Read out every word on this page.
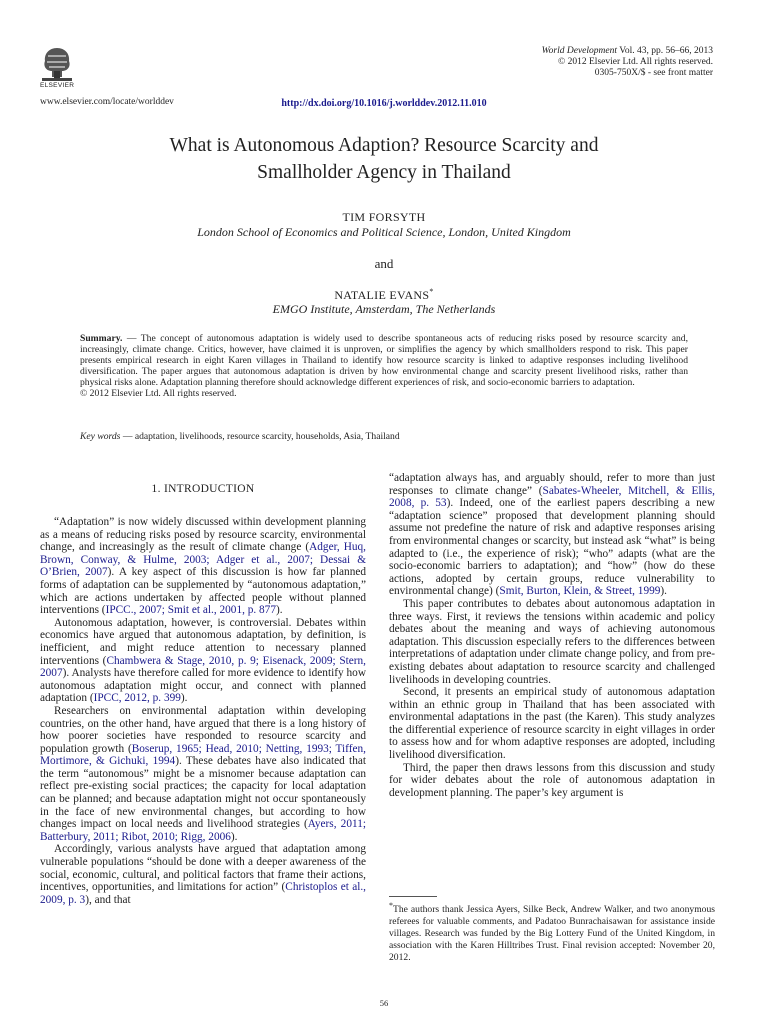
ELSEVIER
www.elsevier.com/locate/worlddev
World Development Vol. 43, pp. 56–66, 2013
© 2012 Elsevier Ltd. All rights reserved.
0305-750X/$ - see front matter
http://dx.doi.org/10.1016/j.worlddev.2012.11.010
What is Autonomous Adaption? Resource Scarcity and
Smallholder Agency in Thailand
TIM FORSYTH
London School of Economics and Political Science, London, United Kingdom
and
NATALIE EVANS*
EMGO Institute, Amsterdam, The Netherlands
Summary. — The concept of autonomous adaptation is widely used to describe spontaneous acts of reducing risks posed by resource scarcity and, increasingly, climate change. Critics, however, have claimed it is unproven, or simplifies the agency by which smallholders respond to risk. This paper presents empirical research in eight Karen villages in Thailand to identify how resource scarcity is linked to adaptive responses including livelihood diversification. The paper argues that autonomous adaptation is driven by how environmental change and scarcity present livelihood risks, rather than physical risks alone. Adaptation planning therefore should acknowledge different experiences of risk, and socio-economic barriers to adaptation.
© 2012 Elsevier Ltd. All rights reserved.
Key words — adaptation, livelihoods, resource scarcity, households, Asia, Thailand
1. INTRODUCTION

“Adaptation” is now widely discussed within development planning as a means of reducing risks posed by resource scarcity, environmental change, and increasingly as the result of climate change (Adger, Huq, Brown, Conway, & Hulme, 2003; Adger et al., 2007; Dessai & O’Brien, 2007). A key aspect of this discussion is how far planned forms of adaptation can be supplemented by “autonomous adaptation,” which are actions undertaken by affected people without planned interventions (IPCC., 2007; Smit et al., 2001, p. 877).

Autonomous adaptation, however, is controversial. Debates within economics have argued that autonomous adaptation, by definition, is inefficient, and might reduce attention to necessary planned interventions (Chambwera & Stage, 2010, p. 9; Eisenack, 2009; Stern, 2007). Analysts have therefore called for more evidence to identify how autonomous adaptation might occur, and connect with planned adaptation (IPCC, 2012, p. 399).

Researchers on environmental adaptation within developing countries, on the other hand, have argued that there is a long history of how poorer societies have responded to resource scarcity and population growth (Boserup, 1965; Head, 2010; Netting, 1993; Tiffen, Mortimore, & Gichuki, 1994). These debates have also indicated that the term “autonomous” might be a misnomer because adaptation can reflect pre-existing social practices; the capacity for local adaptation can be planned; and because adaptation might not occur spontaneously in the face of new environmental changes, but according to how changes impact on local needs and livelihood strategies (Ayers, 2011; Batterbury, 2011; Ribot, 2010; Rigg, 2006).

Accordingly, various analysts have argued that adaptation among vulnerable populations “should be done with a deeper awareness of the social, economic, cultural, and political factors that frame their actions, incentives, opportunities, and limitations for action” (Christoplos et al., 2009, p. 3), and that

“adaptation always has, and arguably should, refer to more than just responses to climate change” (Sabates-Wheeler, Mitchell, & Ellis, 2008, p. 53). Indeed, one of the earliest papers describing a new “adaptation science” proposed that development planning should assume not predefine the nature of risk and adaptive responses arising from environmental changes or scarcity, but instead ask “what” is being adapted to (i.e., the experience of risk); “who” adapts (what are the socio-economic barriers to adaptation); and “how” (how do these actions, adopted by certain groups, reduce vulnerability to environmental change) (Smit, Burton, Klein, & Street, 1999).

This paper contributes to debates about autonomous adaptation in three ways. First, it reviews the tensions within academic and policy debates about the meaning and ways of achieving autonomous adaptation. This discussion especially refers to the differences between interpretations of adaptation under climate change policy, and from pre-existing debates about adaptation to resource scarcity and challenged livelihoods in developing countries.

Second, it presents an empirical study of autonomous adaptation within an ethnic group in Thailand that has been associated with environmental adaptations in the past (the Karen). This study analyzes the differential experience of resource scarcity in eight villages in order to assess how and for whom adaptive responses are adopted, including livelihood diversification.

Third, the paper then draws lessons from this discussion and study for wider debates about the role of autonomous adaptation in development planning. The paper’s key argument is

*The authors thank Jessica Ayers, Silke Beck, Andrew Walker, and two anonymous referees for valuable comments, and Padatoo Bunrachaisawan for assistance inside villages. Research was funded by the Big Lottery Fund of the United Kingdom, in association with the Karen Hilltribes Trust. Final revision accepted: November 20, 2012.
56
